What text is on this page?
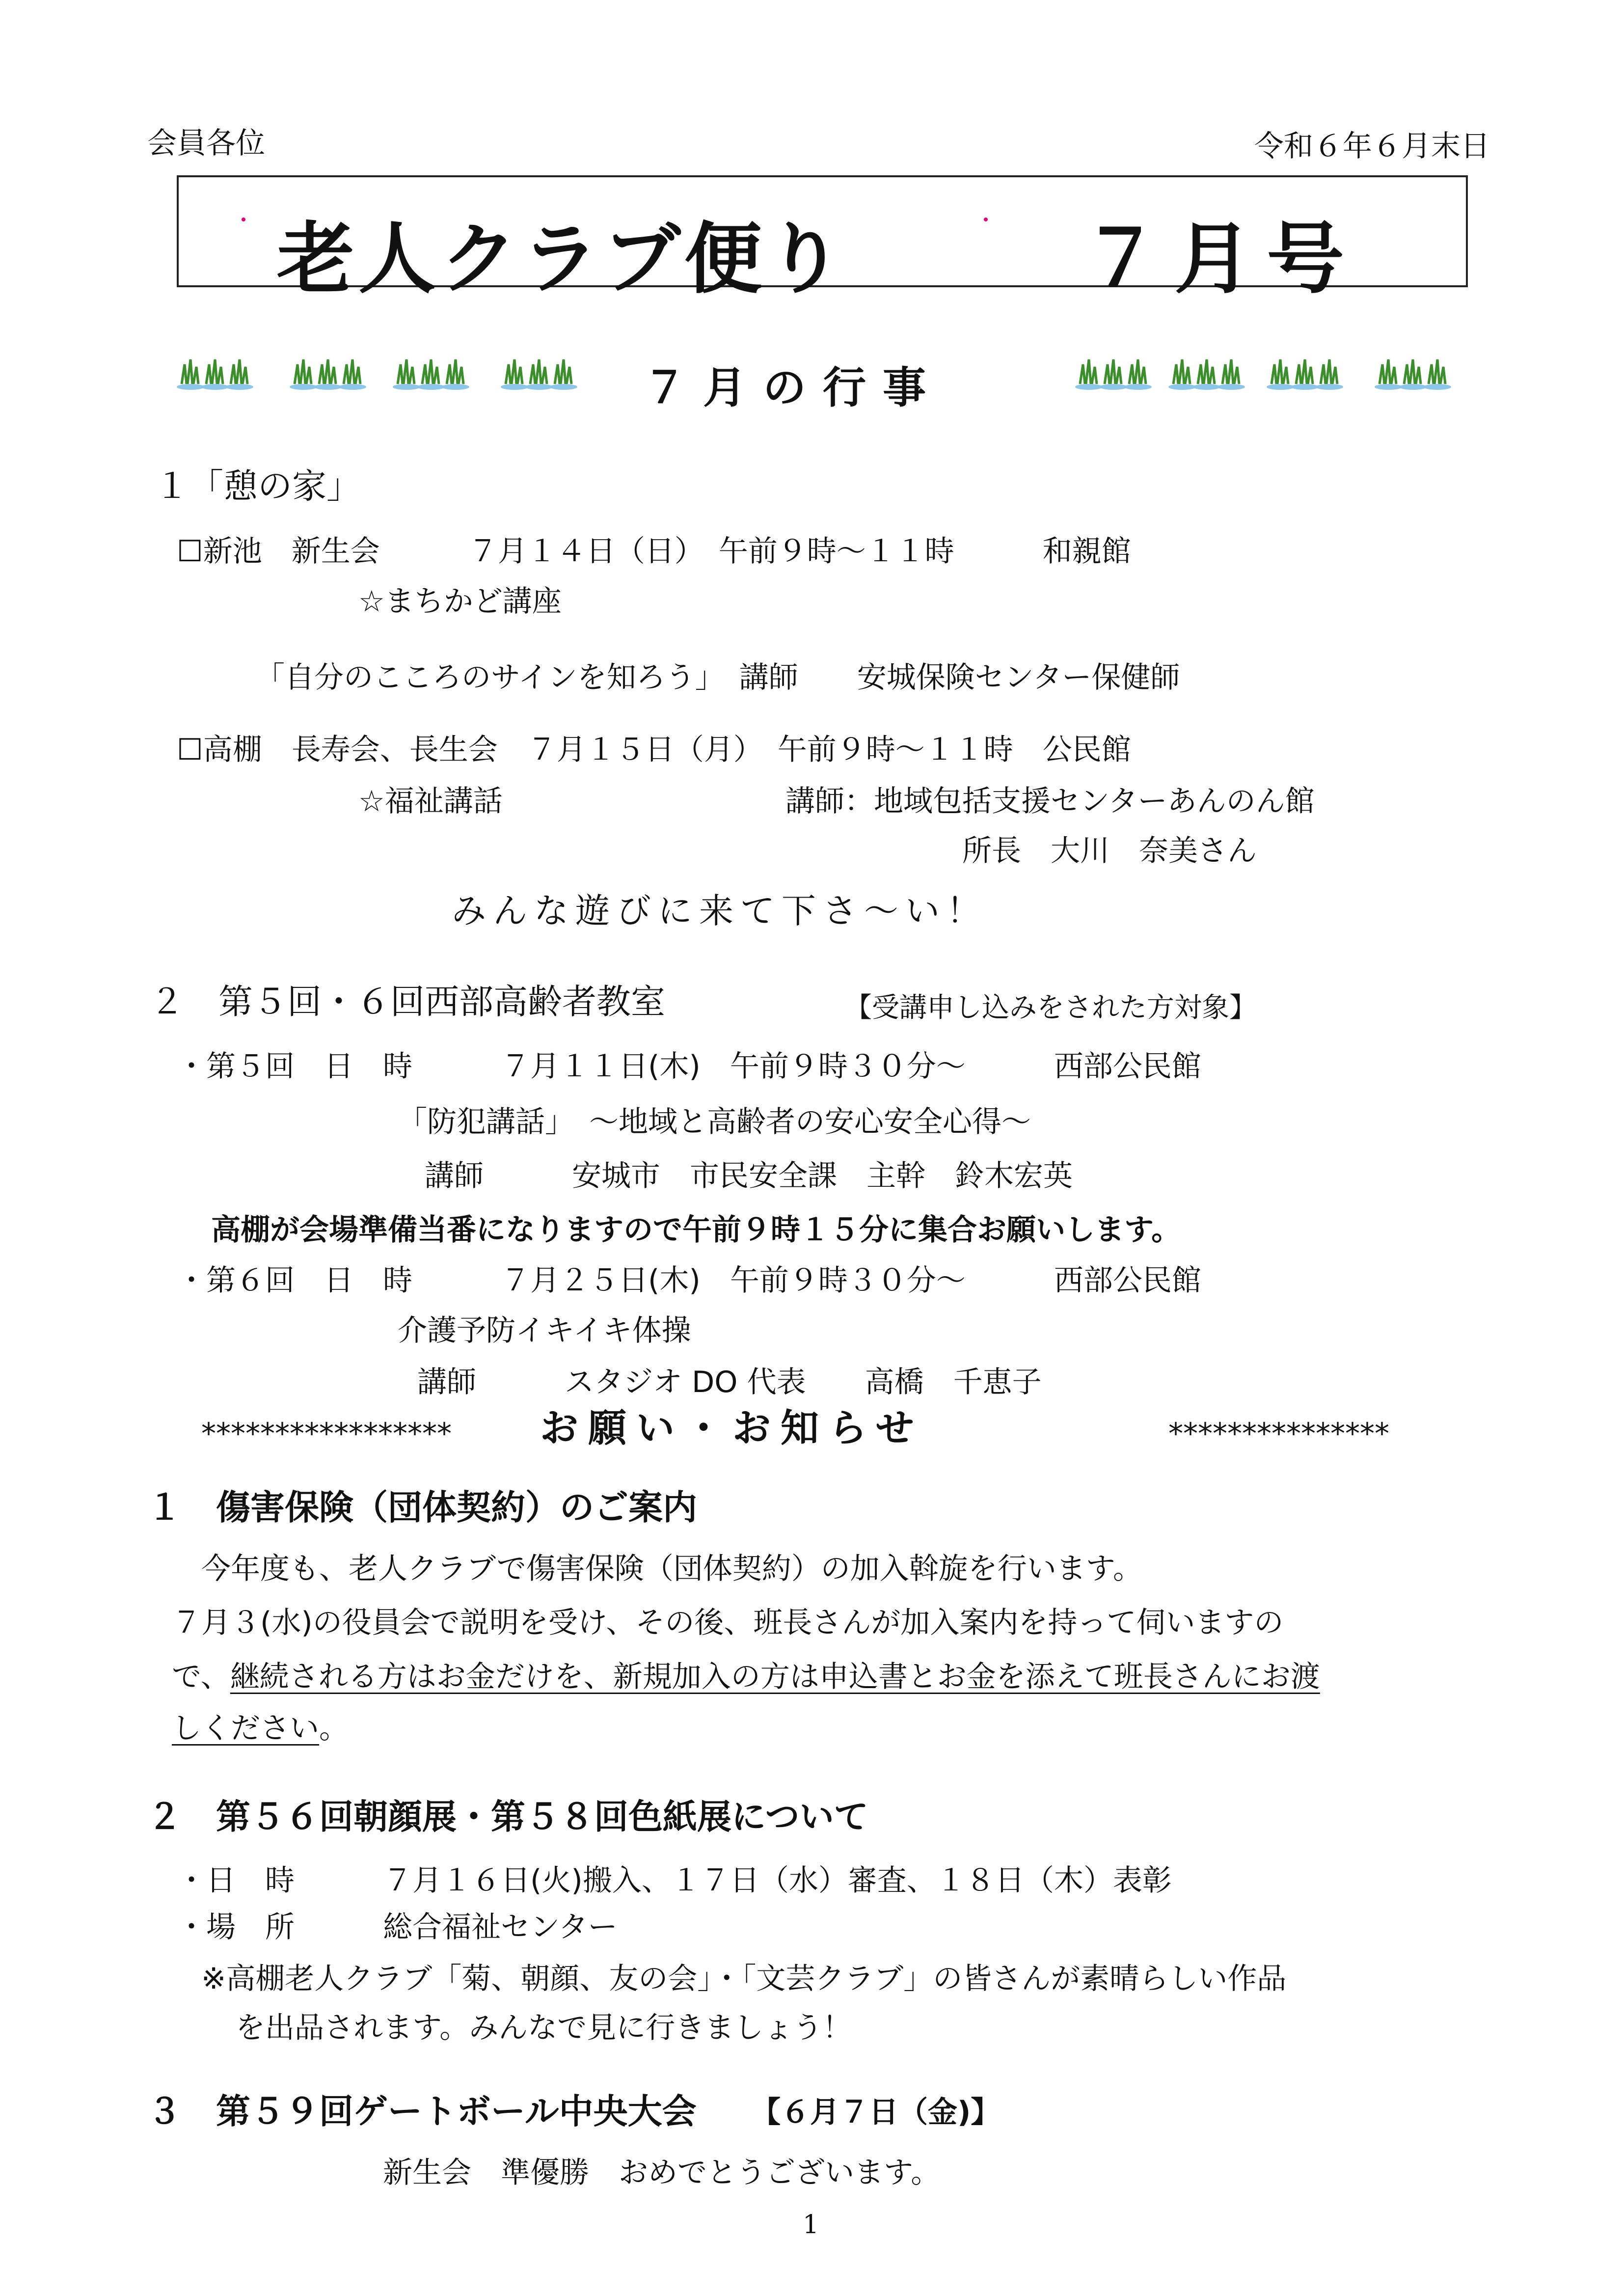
会員各位	令和６年６月末日
老人クラブ便り	７月号
７月の行事
１「憩の家」
☐新池　新生会　　　７月１４日（日）　午前９時～１１時　　　和親館
☆まちかど講座
「自分のこころのサインを知ろう」　講師　　安城保険センター保健師
☐高棚　長寿会、長生会　７月１５日（月）　午前９時～１１時　公民館
☆福祉講話	講師：地域包括支援センターあんのん館
所長　大川　奈美さん
みんな遊びに来て下さ～い！
２　第５回・６回西部高齢者教室	【受講申し込みをされた方対象】
・第５回　日　時　　　７月１１日(木)　午前９時３０分～　　　西部公民館
「防犯講話」　～地域と高齢者の安心安全心得～
講師　　　安城市　市民安全課　主幹　鈴木宏英
高棚が会場準備当番になりますので午前９時１５分に集合お願いします。
・第６回　日　時　　　７月２５日(木)　午前９時３０分～　　　西部公民館
介護予防イキイキ体操
講師　　　スタジオ DO 代表　　高橋　千恵子
***************** お願い・お知らせ	***************
１　傷害保険（団体契約）のご案内
今年度も、老人クラブで傷害保険（団体契約）の加入斡旋を行います。
７月３(水)の役員会で説明を受け、その後、班長さんが加入案内を持って伺いますの
で、継続される方はお金だけを、新規加入の方は申込書とお金を添えて班長さんにお渡
しください。
２　第５６回朝顔展・第５８回色紙展について
・日　時　　　７月１６日(火)搬入、１７日（水）審査、１８日（木）表彰
・場　所　　　総合福祉センター
※高棚老人クラブ「菊、朝顔、友の会」・「文芸クラブ」の皆さんが素晴らしい作品
を出品されます。みんなで見に行きましょう！
３　第５９回ゲートボール中央大会 【６月７日（金)】
新生会　準優勝　おめでとうございます。
1
